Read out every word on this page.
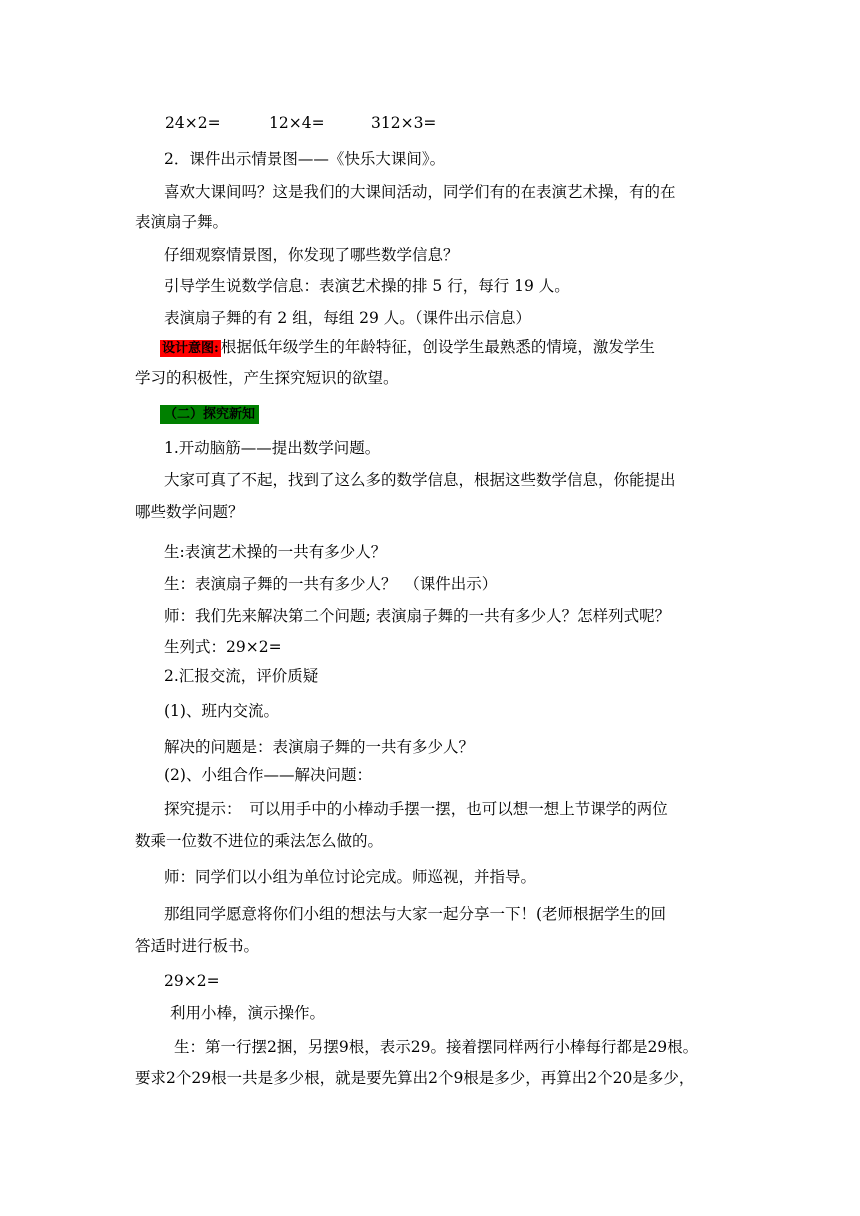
24×2=	12×4=	312×3=
2．课件出示情景图——《快乐大课间》。
喜欢大课间吗？这是我们的大课间活动，同学们有的在表演艺术操，有的在
表演扇子舞。
仔细观察情景图，你发现了哪些数学信息？
引导学生说数学信息：表演艺术操的排 5 行，每行 19 人。
表演扇子舞的有 2 组，每组 29 人。（课件出示信息）
设计意图: 根据低年级学生的年龄特征，创设学生最熟悉的情境，激发学生
学习的积极性，产生探究短识的欲望。
（二）探究新知
1.开动脑筋——提出数学问题。
大家可真了不起，找到了这么多的数学信息，根据这些数学信息，你能提出
哪些数学问题？
生:表演艺术操的一共有多少人？
生：表演扇子舞的一共有多少人？　（课件出示）
师：我们先来解决第二个问题; 表演扇子舞的一共有多少人？怎样列式呢？
生列式：29×2=
2.汇报交流，评价质疑
(1)、班内交流。
解决的问题是：表演扇子舞的一共有多少人？
(2)、小组合作——解决问题：
探究提示：　可以用手中的小棒动手摆一摆，也可以想一想上节课学的两位
数乘一位数不进位的乘法怎么做的。
师：同学们以小组为单位讨论完成。师巡视，并指导。
那组同学愿意将你们小组的想法与大家一起分享一下！(老师根据学生的回
答适时进行板书。
29×2=
利用小棒，演示操作。
生：第一行摆2捆，另摆9根，表示29。接着摆同样两行小棒每行都是29根。
要求2个29根一共是多少根，就是要先算出2个9根是多少，再算出2个20是多少，
